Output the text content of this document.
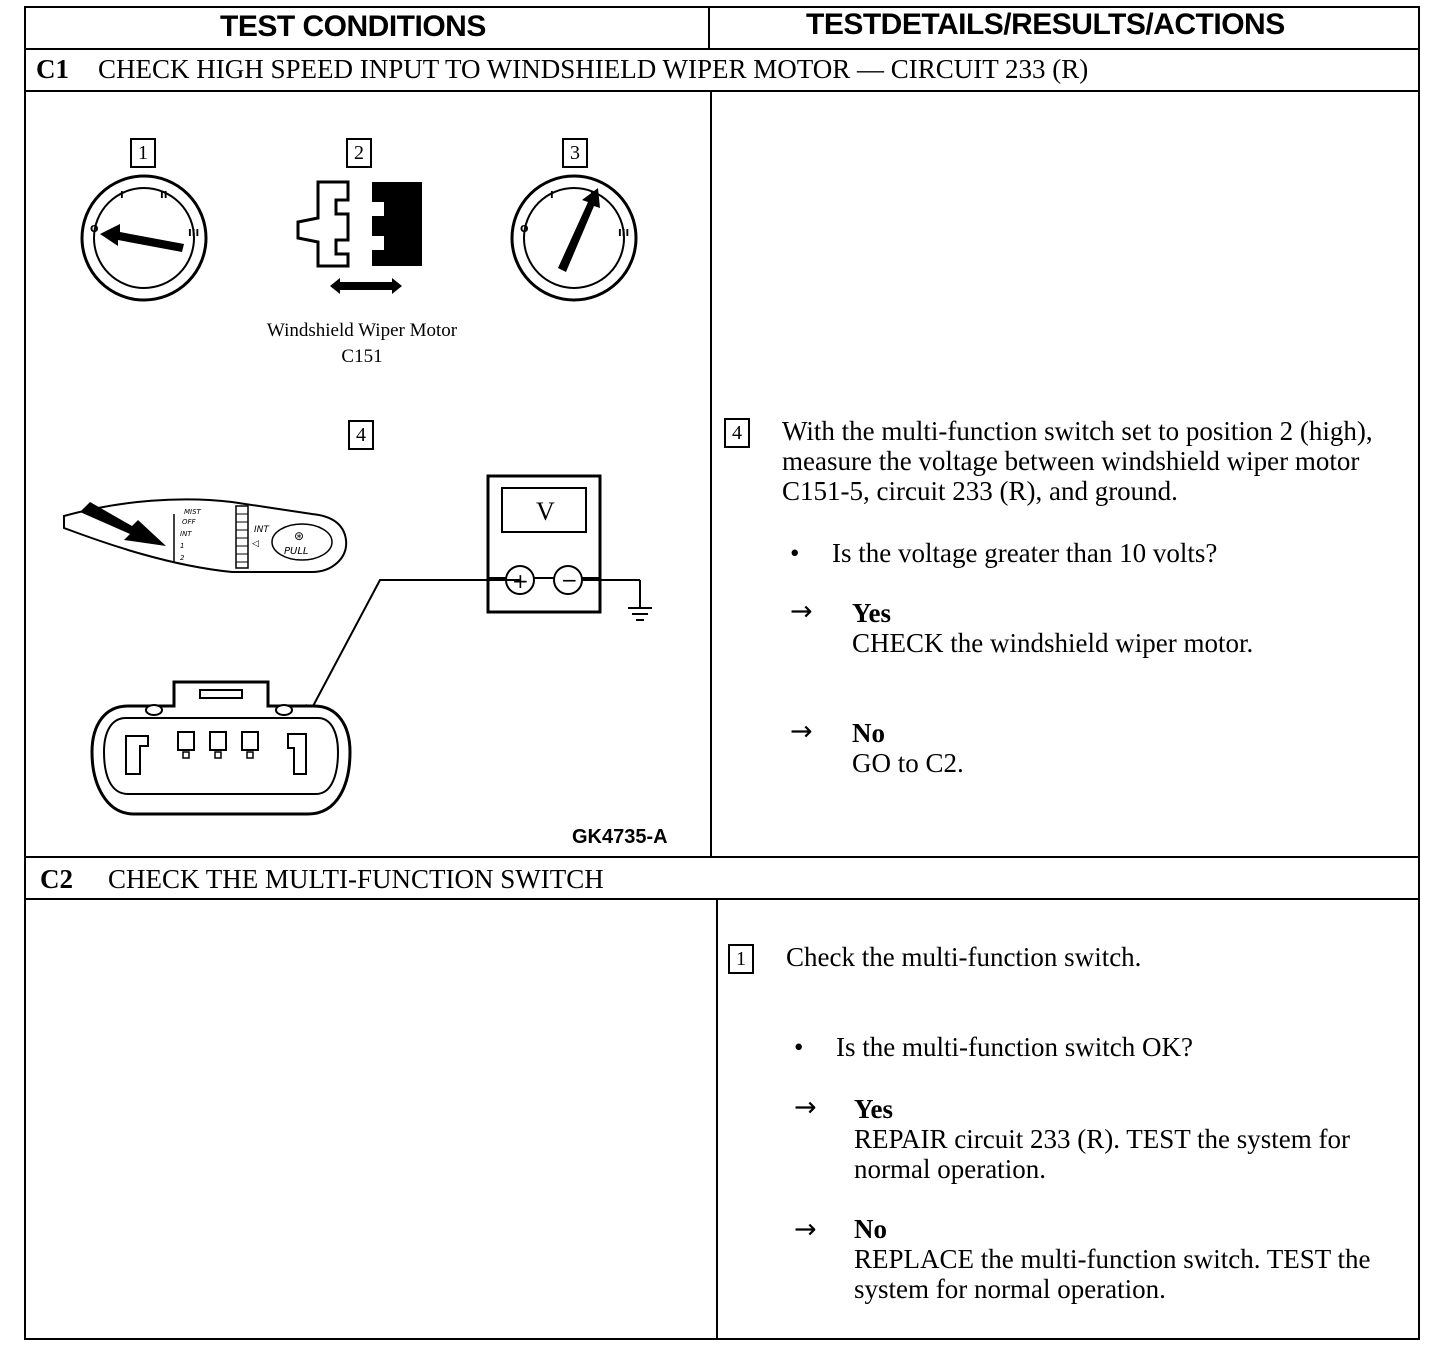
TEST CONDITIONS	TESTDETAILS/RESULTS/ACTIONS
C1 CHECK HIGH SPEED INPUT TO WINDSHIELD WIPER MOTOR — CIRCUIT 233 (R)
1	2	3
4
O
I	II
III	O
I
III
Windshield Wiper Motor
C151
MIST
OFF
INT
1
2
INT
◁
PULL
⊛
V
+ −
GK4735-A
4 With the multi-function switch set to position 2 (high), measure the voltage between windshield wiper motor C151-5, circuit 233 (R), and ground.
• Is the voltage greater than 10 volts?
→ Yes
CHECK the windshield wiper motor.
→ No
GO to C2.
C2 CHECK THE MULTI-FUNCTION SWITCH
1 Check the multi-function switch.
• Is the multi-function switch OK?
→ Yes
REPAIR circuit 233 (R). TEST the system for normal operation.
→ No
REPLACE the multi-function switch. TEST the system for normal operation.
